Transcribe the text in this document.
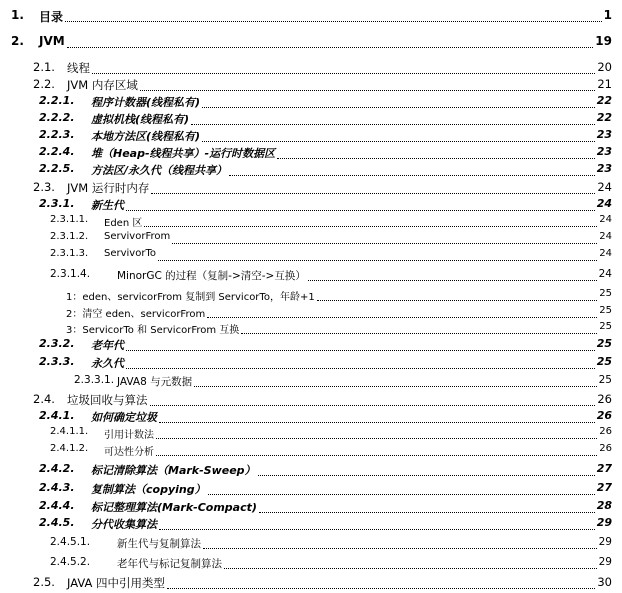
1. 目录	1
2. JVM	19
2.1. 线程	20
2.2. JVM 内存区域	21
2.2.1. 程序计数器(线程私有)	22
2.2.2. 虚拟机栈(线程私有)	22
2.2.3. 本地方法区(线程私有)	23
2.2.4. 堆（Heap-线程共享）-运行时数据区	23
2.2.5. 方法区/永久代（线程共享）	23
2.3. JVM 运行时内存	24
2.3.1. 新生代	24
2.3.1.1. Eden 区	24
2.3.1.2. ServivorFrom	24
2.3.1.3. ServivorTo	24
2.3.1.4.	MinorGC 的过程（复制->清空->互换）	24
1：eden、servicorFrom 复制到 ServicorTo，年龄+1	25
2：清空 eden、servicorFrom	25
3：ServicorTo 和 ServicorFrom 互换	25
2.3.2. 老年代	25
2.3.3. 永久代	25
2.3.3.1. JAVA8 与元数据	25
2.4. 垃圾回收与算法	26
2.4.1. 如何确定垃圾	26
2.4.1.1. 引用计数法	26
2.4.1.2. 可达性分析	26
2.4.2. 标记清除算法（Mark-Sweep）	27
2.4.3. 复制算法（copying）	27
2.4.4. 标记整理算法(Mark-Compact)	28
2.4.5. 分代收集算法	29
2.4.5.1.	新生代与复制算法	29
2.4.5.2.	老年代与标记复制算法	29
2.5. JAVA 四中引用类型	30
